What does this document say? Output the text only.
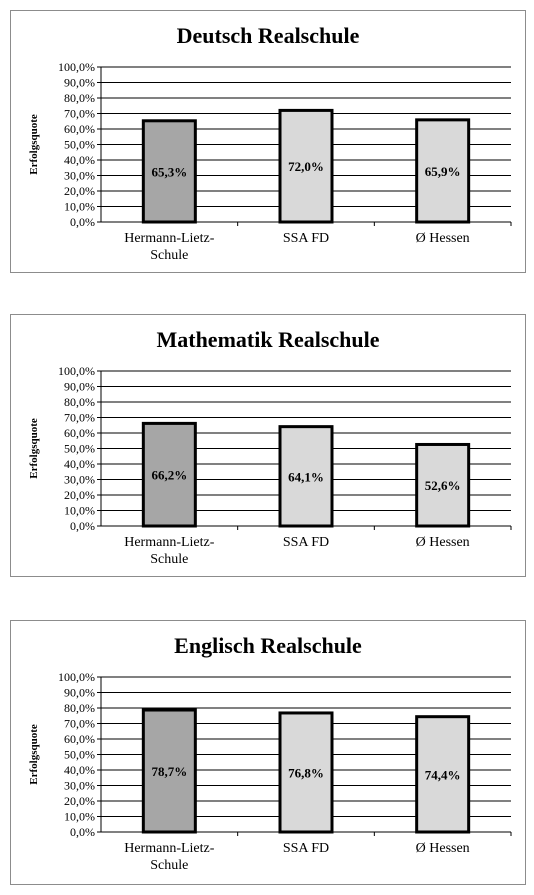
Deutsch Realschule
0,0%
10,0%
20,0%
30,0%
40,0%
50,0%
60,0%
70,0%
80,0%
90,0%
100,0%
Erfolgsquote	65,3%
Hermann-Lietz-Schule
72,0%
SSA FD
65,9%
Ø Hessen
Mathematik Realschule
0,0%
10,0%
20,0%
30,0%
40,0%
50,0%
60,0%
70,0%
80,0%
90,0%
100,0%
Erfolgsquote	66,2%
Hermann-Lietz-Schule
64,1%
SSA FD
52,6%
Ø Hessen
Englisch Realschule
0,0%
10,0%
20,0%
30,0%
40,0%
50,0%
60,0%
70,0%
80,0%
90,0%
100,0%
Erfolgsquote	78,7%
Hermann-Lietz-Schule
76,8%
SSA FD
74,4%
Ø Hessen
